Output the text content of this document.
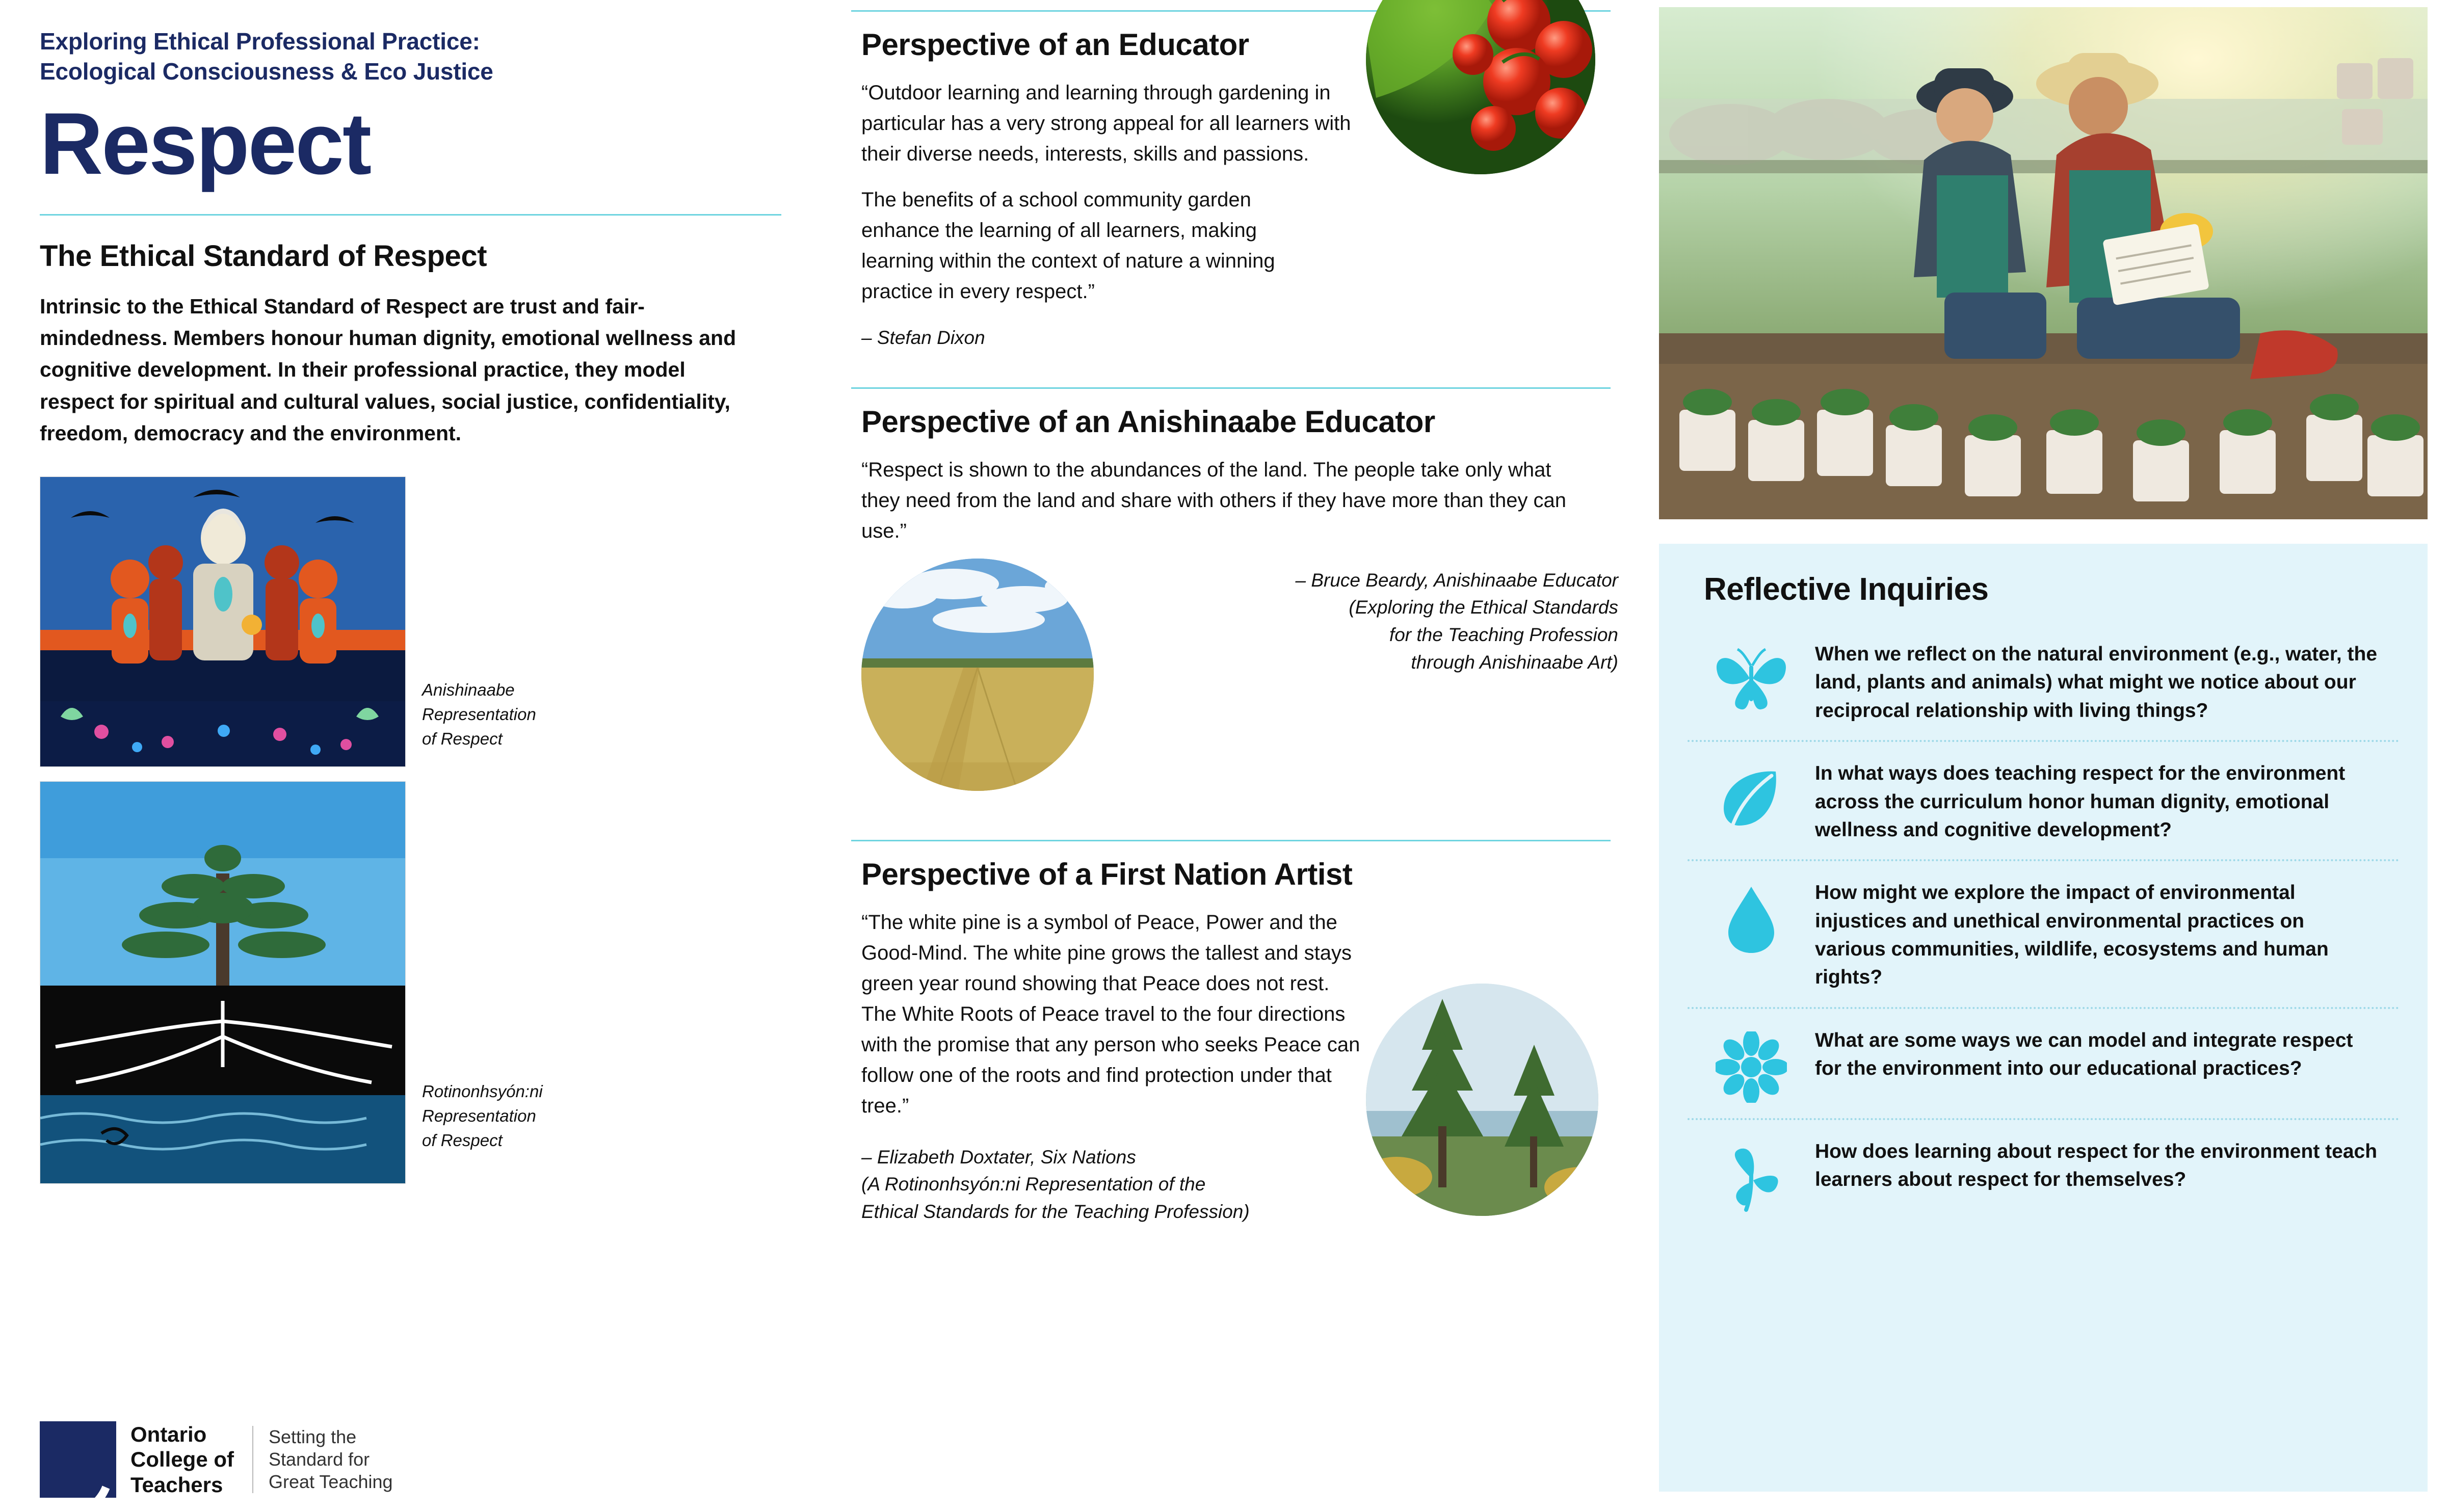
Exploring Ethical Professional Practice:
Ecological Consciousness & Eco Justice
Respect
The Ethical Standard of Respect
Intrinsic to the Ethical Standard of Respect are trust and fair-mindedness. Members honour human dignity, emotional wellness and cognitive development. In their professional practice, they model respect for spiritual and cultural values, social justice, confidentiality, freedom, democracy and the environment.
Anishinaabe
Representation
of Respect
Rotinonhsyón:ni
Representation
of Respect
Ontario
College of
Teachers
Setting the
Standard for
Great Teaching
Perspective of an Educator
“Outdoor learning and learning through gardening in particular has a very strong appeal for all learners with their diverse needs, interests, skills and passions.
The benefits of a school community garden enhance the learning of all learners, making learning within the context of nature a winning practice in every respect.”
– Stefan Dixon
Perspective of an Anishinaabe Educator
“Respect is shown to the abundances of the land. The people take only what they need from the land and share with others if they have more than they can use.”
– Bruce Beardy, Anishinaabe Educator
(Exploring the Ethical Standards
for the Teaching Profession
through Anishinaabe Art)
Perspective of a First Nation Artist
“The white pine is a symbol of Peace, Power and the Good-Mind. The white pine grows the tallest and stays green year round showing that Peace does not rest. The White Roots of Peace travel to the four directions with the promise that any person who seeks Peace can follow one of the roots and find protection under that tree.”
– Elizabeth Doxtater, Six Nations
(A Rotinonhsyón:ni Representation of the
Ethical Standards for the Teaching Profession)
Reflective Inquiries
When we reflect on the natural environment (e.g., water, the land, plants and animals) what might we notice about our reciprocal relationship with living things?
In what ways does teaching respect for the environment across the curriculum honor human dignity, emotional wellness and cognitive development?
How might we explore the impact of environmental injustices and unethical environmental practices on various communities, wildlife, ecosystems and human rights?
What are some ways we can model and integrate respect for the environment into our educational practices?
How does learning about respect for the environment teach learners about respect for themselves?
